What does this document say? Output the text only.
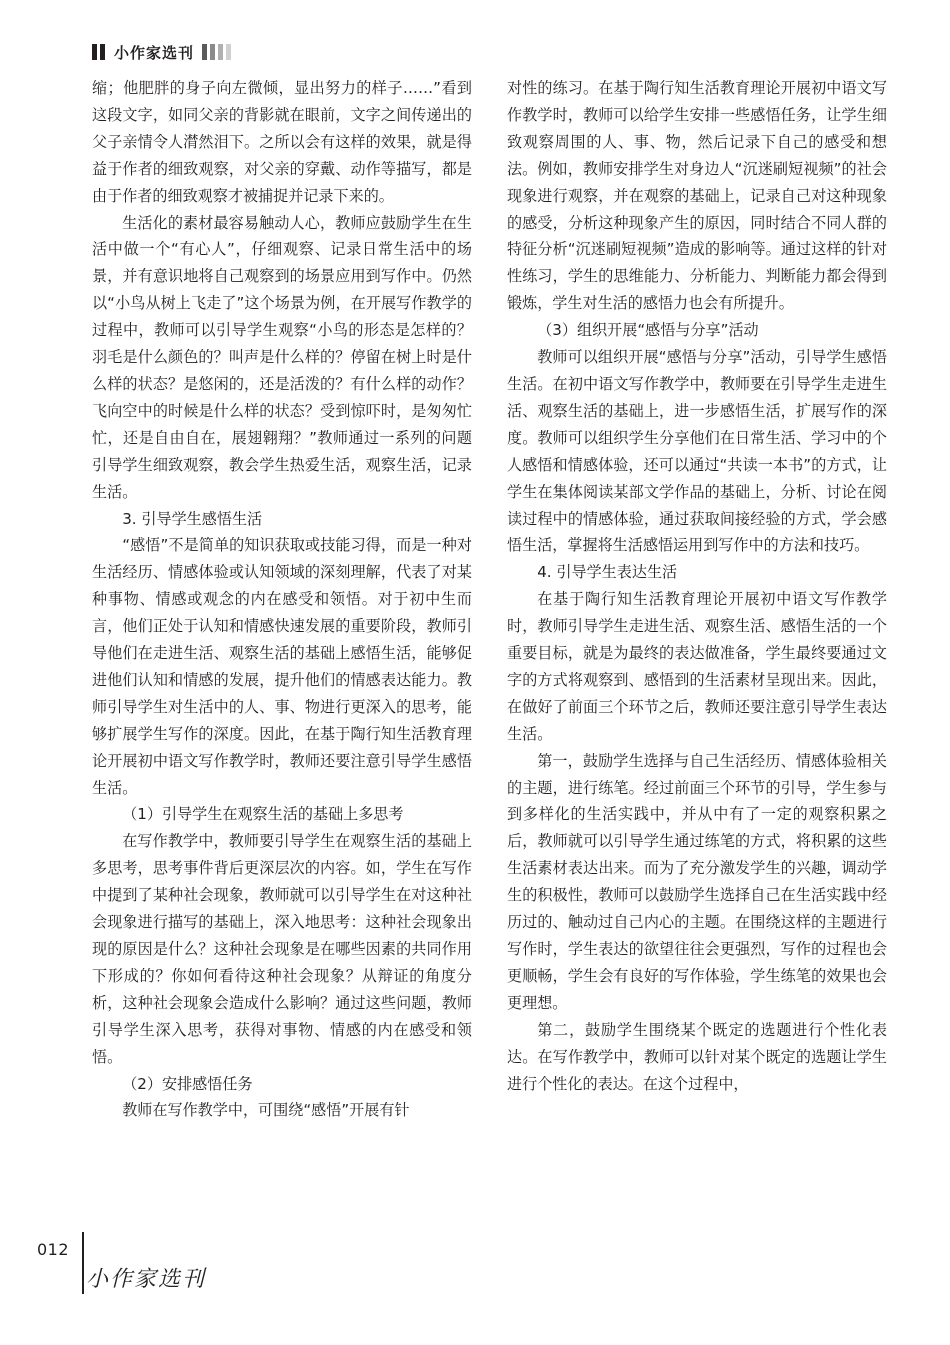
小作家选刊

缩；他肥胖的身子向左微倾，显出努力的样子……”看到这段文字，如同父亲的背影就在眼前，文字之间传递出的父子亲情令人潸然泪下。之所以会有这样的效果，就是得益于作者的细致观察，对父亲的穿戴、动作等描写，都是由于作者的细致观察才被捕捉并记录下来的。

生活化的素材最容易触动人心，教师应鼓励学生在生活中做一个“有心人”，仔细观察、记录日常生活中的场景，并有意识地将自己观察到的场景应用到写作中。仍然以“小鸟从树上飞走了”这个场景为例，在开展写作教学的过程中，教师可以引导学生观察“小鸟的形态是怎样的？羽毛是什么颜色的？叫声是什么样的？停留在树上时是什么样的状态？是悠闲的，还是活泼的？有什么样的动作？飞向空中的时候是什么样的状态？受到惊吓时，是匆匆忙忙，还是自由自在，展翅翱翔？”教师通过一系列的问题引导学生细致观察，教会学生热爱生活，观察生活，记录生活。

3. 引导学生感悟生活

“感悟”不是简单的知识获取或技能习得，而是一种对生活经历、情感体验或认知领域的深刻理解，代表了对某种事物、情感或观念的内在感受和领悟。对于初中生而言，他们正处于认知和情感快速发展的重要阶段，教师引导他们在走进生活、观察生活的基础上感悟生活，能够促进他们认知和情感的发展，提升他们的情感表达能力。教师引导学生对生活中的人、事、物进行更深入的思考，能够扩展学生写作的深度。因此，在基于陶行知生活教育理论开展初中语文写作教学时，教师还要注意引导学生感悟生活。

（1）引导学生在观察生活的基础上多思考

在写作教学中，教师要引导学生在观察生活的基础上多思考，思考事件背后更深层次的内容。如，学生在写作中提到了某种社会现象，教师就可以引导学生在对这种社会现象进行描写的基础上，深入地思考：这种社会现象出现的原因是什么？这种社会现象是在哪些因素的共同作用下形成的？你如何看待这种社会现象？从辩证的角度分析，这种社会现象会造成什么影响？通过这些问题，教师引导学生深入思考，获得对事物、情感的内在感受和领悟。

（2）安排感悟任务

教师在写作教学中，可围绕“感悟”开展有针

对性的练习。在基于陶行知生活教育理论开展初中语文写作教学时，教师可以给学生安排一些感悟任务，让学生细致观察周围的人、事、物，然后记录下自己的感受和想法。例如，教师安排学生对身边人“沉迷刷短视频”的社会现象进行观察，并在观察的基础上，记录自己对这种现象的感受，分析这种现象产生的原因，同时结合不同人群的特征分析“沉迷刷短视频”造成的影响等。通过这样的针对性练习，学生的思维能力、分析能力、判断能力都会得到锻炼，学生对生活的感悟力也会有所提升。

（3）组织开展“感悟与分享”活动

教师可以组织开展“感悟与分享”活动，引导学生感悟生活。在初中语文写作教学中，教师要在引导学生走进生活、观察生活的基础上，进一步感悟生活，扩展写作的深度。教师可以组织学生分享他们在日常生活、学习中的个人感悟和情感体验，还可以通过“共读一本书”的方式，让学生在集体阅读某部文学作品的基础上，分析、讨论在阅读过程中的情感体验，通过获取间接经验的方式，学会感悟生活，掌握将生活感悟运用到写作中的方法和技巧。

4. 引导学生表达生活

在基于陶行知生活教育理论开展初中语文写作教学时，教师引导学生走进生活、观察生活、感悟生活的一个重要目标，就是为最终的表达做准备，学生最终要通过文字的方式将观察到、感悟到的生活素材呈现出来。因此，在做好了前面三个环节之后，教师还要注意引导学生表达生活。

第一，鼓励学生选择与自己生活经历、情感体验相关的主题，进行练笔。经过前面三个环节的引导，学生参与到多样化的生活实践中，并从中有了一定的观察积累之后，教师就可以引导学生通过练笔的方式，将积累的这些生活素材表达出来。而为了充分激发学生的兴趣，调动学生的积极性，教师可以鼓励学生选择自己在生活实践中经历过的、触动过自己内心的主题。在围绕这样的主题进行写作时，学生表达的欲望往往会更强烈，写作的过程也会更顺畅，学生会有良好的写作体验，学生练笔的效果也会更理想。

第二，鼓励学生围绕某个既定的选题进行个性化表达。在写作教学中，教师可以针对某个既定的选题让学生进行个性化的表达。在这个过程中，

012
小作家选刊
